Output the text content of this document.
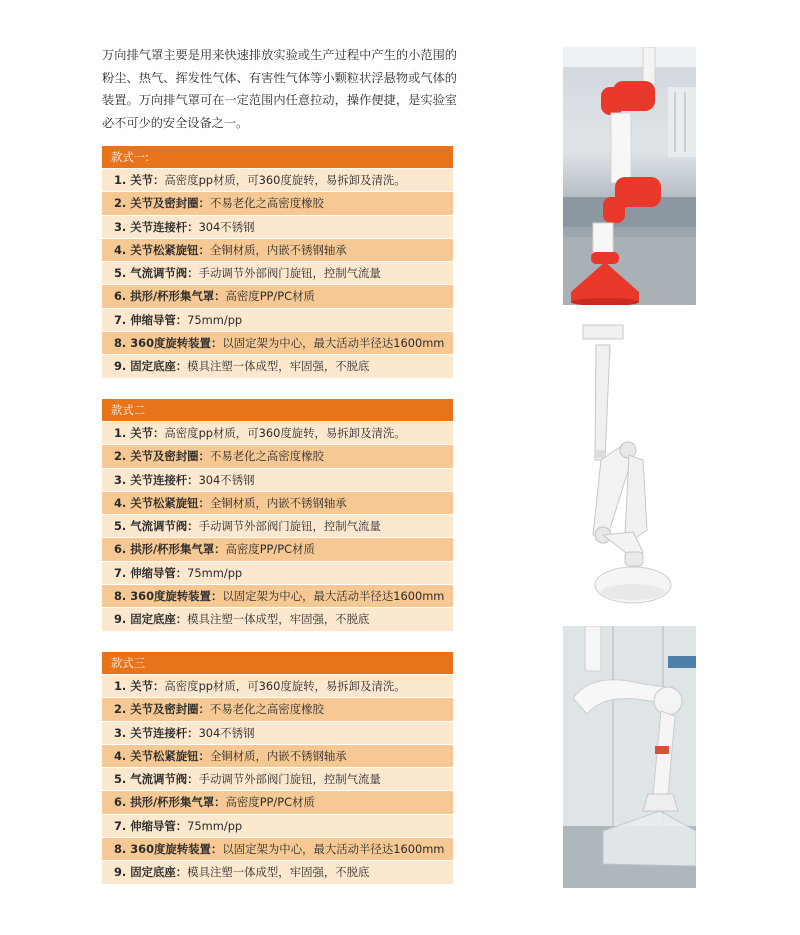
万向排气罩主要是用来快速排放实验或生产过程中产生的小范围的粉尘、热气、挥发性气体、有害性气体等小颗粒状浮悬物或气体的装置。万向排气罩可在一定范围内任意拉动，操作便捷，是实验室必不可少的安全设备之一。

款式一:
1. 关节：高密度pp材质，可360度旋转，易拆卸及清洗。
2. 关节及密封圈：不易老化之高密度橡胶
3. 关节连接杆：304不锈钢
4. 关节松紧旋钮：全铜材质，内嵌不锈钢轴承
5. 气流调节阀：手动调节外部阀门旋钮，控制气流量
6. 拱形/杯形集气罩：高密度PP/PC材质
7. 伸缩导管：75mm/pp
8. 360度旋转装置：以固定架为中心，最大活动半径达1600mm
9. 固定底座：模具注塑一体成型，牢固强，不脱底
款式二
1. 关节：高密度pp材质，可360度旋转，易拆卸及清洗。
2. 关节及密封圈：不易老化之高密度橡胶
3. 关节连接杆：304不锈钢
4. 关节松紧旋钮：全铜材质，内嵌不锈钢轴承
5. 气流调节阀：手动调节外部阀门旋钮，控制气流量
6. 拱形/杯形集气罩：高密度PP/PC材质
7. 伸缩导管：75mm/pp
8. 360度旋转装置：以固定架为中心，最大活动半径达1600mm
9. 固定底座：模具注塑一体成型，牢固强，不脱底
款式三
1. 关节：高密度pp材质，可360度旋转，易拆卸及清洗。
2. 关节及密封圈：不易老化之高密度橡胶
3. 关节连接杆：304不锈钢
4. 关节松紧旋钮：全铜材质，内嵌不锈钢轴承
5. 气流调节阀：手动调节外部阀门旋钮，控制气流量
6. 拱形/杯形集气罩：高密度PP/PC材质
7. 伸缩导管：75mm/pp
8. 360度旋转装置：以固定架为中心，最大活动半径达1600mm
9. 固定底座：模具注塑一体成型，牢固强，不脱底
